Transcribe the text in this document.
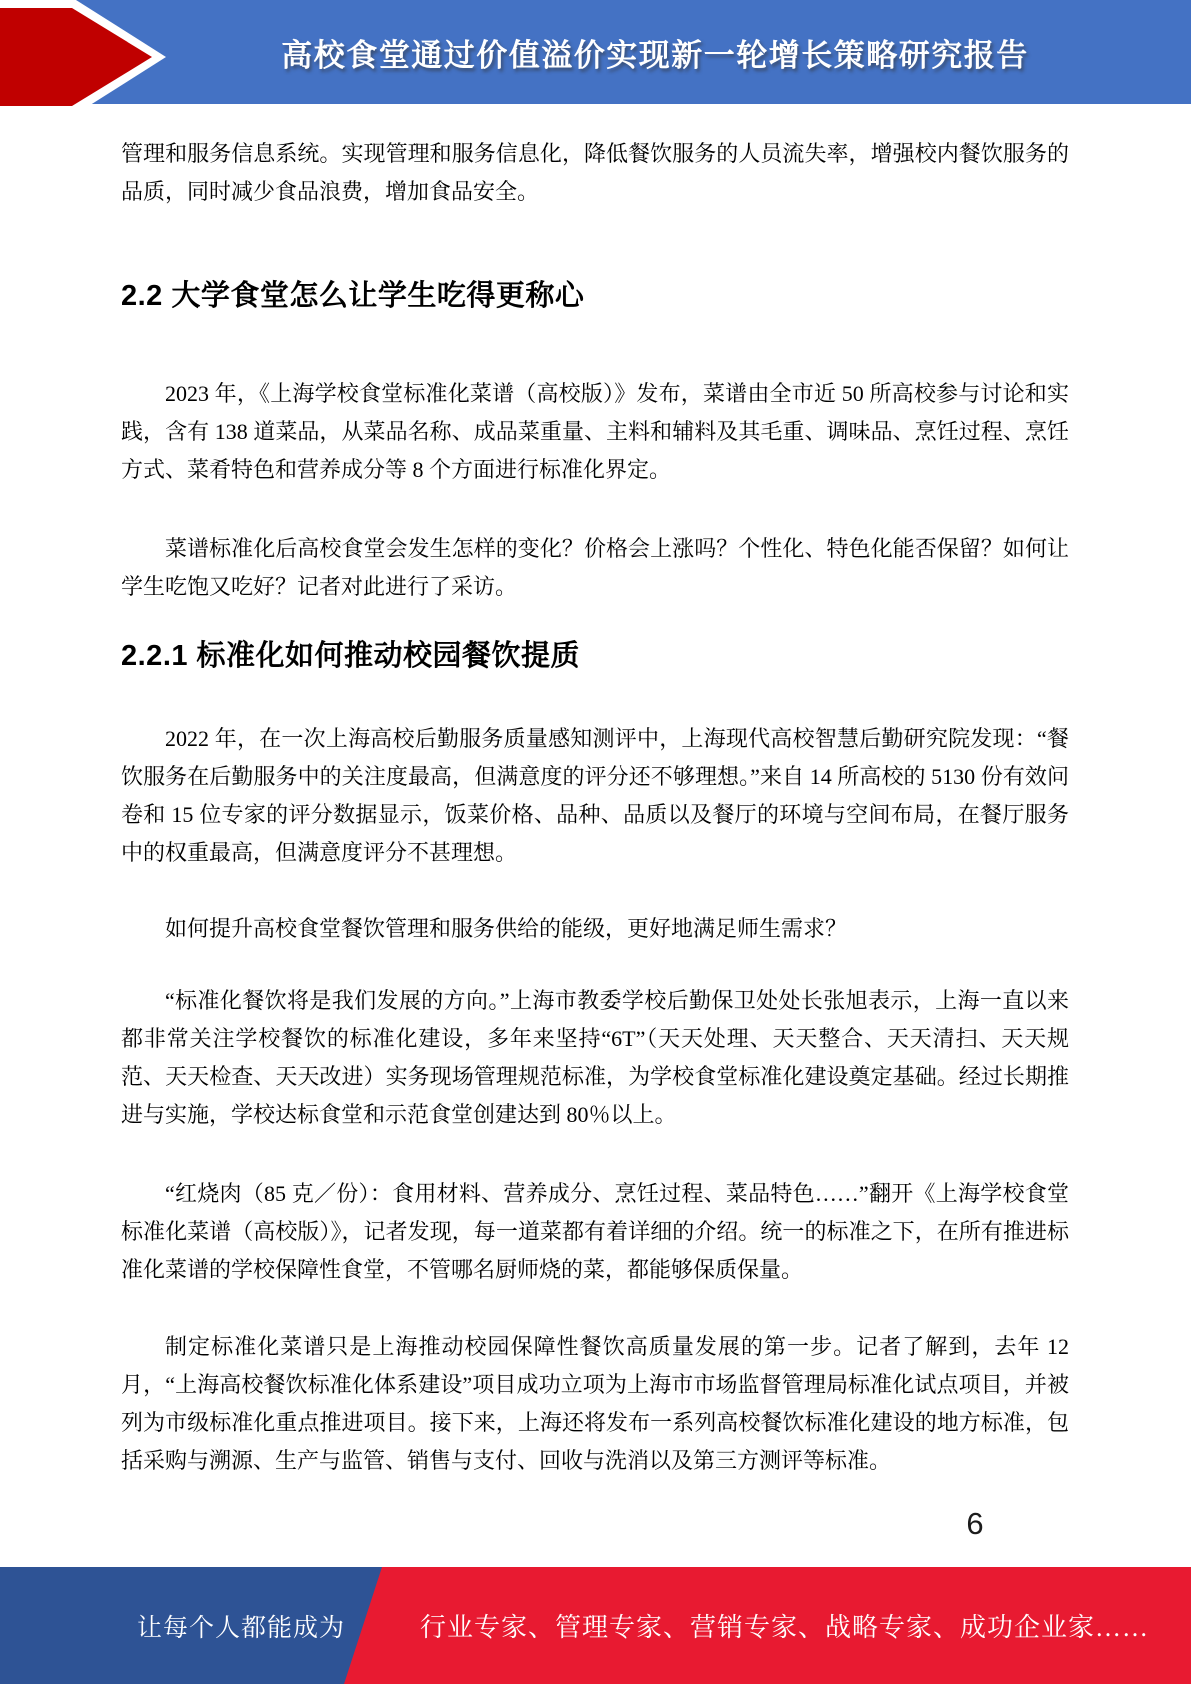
高校食堂通过价值溢价实现新一轮增长策略研究报告

管理和服务信息系统。实现管理和服务信息化，降低餐饮服务的人员流失率，增强校内餐饮服务的品质，同时减少食品浪费，增加食品安全。

2.2 大学食堂怎么让学生吃得更称心

2023 年，《上海学校食堂标准化菜谱（高校版）》发布，菜谱由全市近 50 所高校参与讨论和实践，含有 138 道菜品，从菜品名称、成品菜重量、主料和辅料及其毛重、调味品、烹饪过程、烹饪方式、菜肴特色和营养成分等 8 个方面进行标准化界定。

菜谱标准化后高校食堂会发生怎样的变化？价格会上涨吗？个性化、特色化能否保留？如何让学生吃饱又吃好？记者对此进行了采访。

2.2.1 标准化如何推动校园餐饮提质

2022 年，在一次上海高校后勤服务质量感知测评中，上海现代高校智慧后勤研究院发现：“餐饮服务在后勤服务中的关注度最高，但满意度的评分还不够理想。”来自 14 所高校的 5130 份有效问卷和 15 位专家的评分数据显示，饭菜价格、品种、品质以及餐厅的环境与空间布局，在餐厅服务中的权重最高，但满意度评分不甚理想。

如何提升高校食堂餐饮管理和服务供给的能级，更好地满足师生需求？

“标准化餐饮将是我们发展的方向。”上海市教委学校后勤保卫处处长张旭表示，上海一直以来都非常关注学校餐饮的标准化建设，多年来坚持“6T”（天天处理、天天整合、天天清扫、天天规范、天天检查、天天改进）实务现场管理规范标准，为学校食堂标准化建设奠定基础。经过长期推进与实施，学校达标食堂和示范食堂创建达到 80％以上。

“红烧肉（85 克／份）：食用材料、营养成分、烹饪过程、菜品特色……”翻开《上海学校食堂标准化菜谱（高校版）》，记者发现，每一道菜都有着详细的介绍。统一的标准之下，在所有推进标准化菜谱的学校保障性食堂，不管哪名厨师烧的菜，都能够保质保量。

制定标准化菜谱只是上海推动校园保障性餐饮高质量发展的第一步。记者了解到，去年 12 月，“上海高校餐饮标准化体系建设”项目成功立项为上海市市场监督管理局标准化试点项目，并被列为市级标准化重点推进项目。接下来，上海还将发布一系列高校餐饮标准化建设的地方标准，包括采购与溯源、生产与监管、销售与支付、回收与洗消以及第三方测评等标准。

6
让每个人都能成为	行业专家、管理专家、营销专家、战略专家、成功企业家……
